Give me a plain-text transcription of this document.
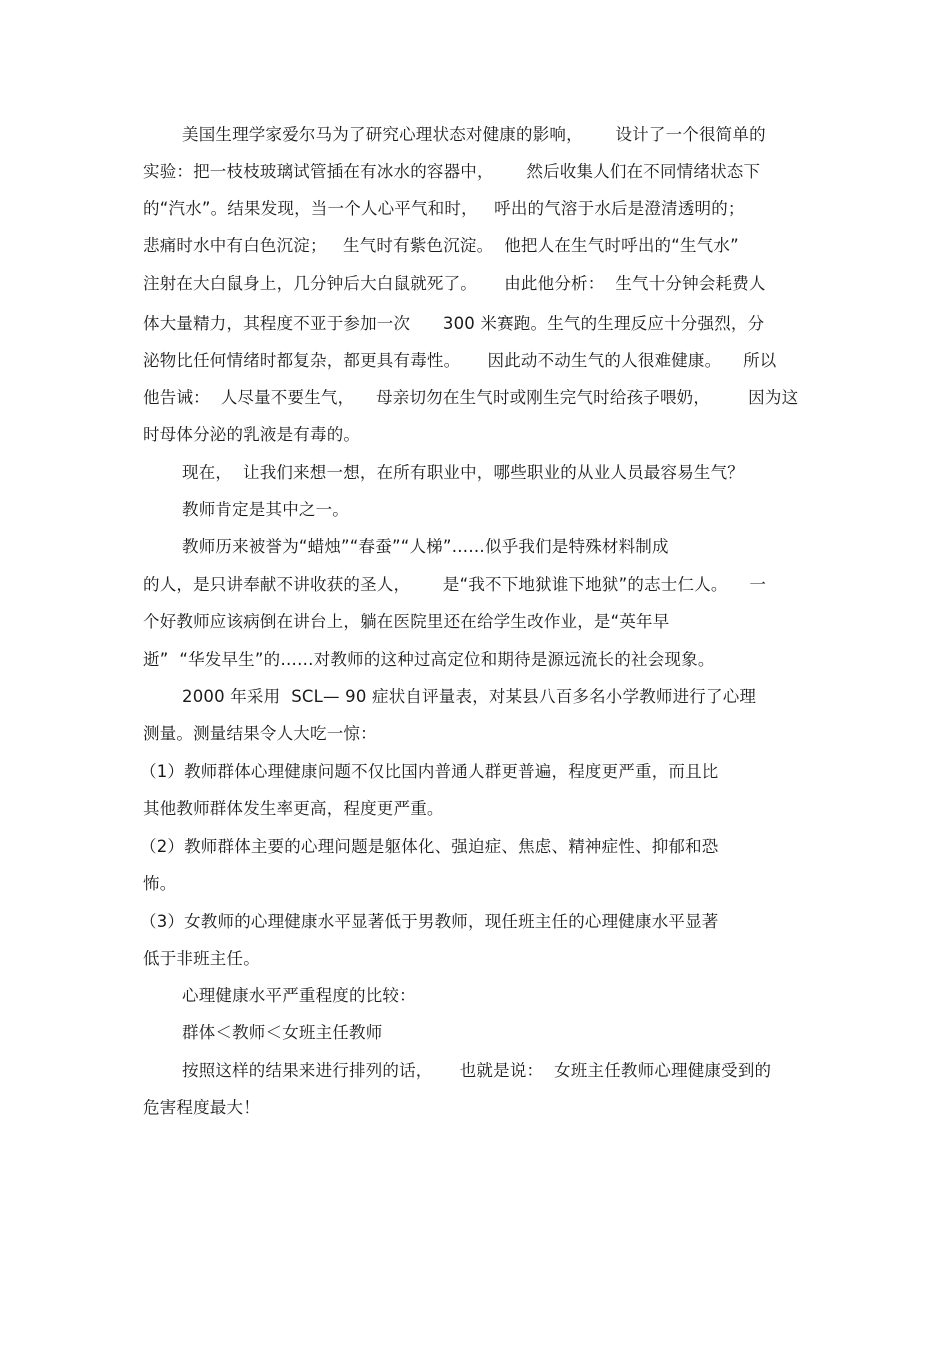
美国生理学家爱尔马为了研究心理状态对健康的影响，      设计了一个很简单的
实验：把一枝枝玻璃试管插在有冰水的容器中，      然后收集人们在不同情绪状态下
的“汽水”。结果发现，当一个人心平气和时，   呼出的气溶于水后是澄清透明的；
悲痛时水中有白色沉淀；   生气时有紫色沉淀。  他把人在生气时呼出的“生气水”
注射在大白鼠身上，几分钟后大白鼠就死了。     由此他分析：  生气十分钟会耗费人
体大量精力，其程度不亚于参加一次      300 米赛跑。生气的生理反应十分强烈，分
泌物比任何情绪时都复杂，都更具有毒性。     因此动不动生气的人很难健康。    所以
他告诫：  人尽量不要生气，    母亲切勿在生气时或刚生完气时给孩子喂奶，       因为这
时母体分泌的乳液是有毒的。
现在，  让我们来想一想，在所有职业中，哪些职业的从业人员最容易生气？
教师肯定是其中之一。
教师历来被誉为“蜡烛”“春蚕”“人梯”……似乎我们是特殊材料制成
的人，是只讲奉献不讲收获的圣人，      是“我不下地狱谁下地狱”的志士仁人。    一
个好教师应该病倒在讲台上，躺在医院里还在给学生改作业，是“英年早
逝”  “华发早生”的……对教师的这种过高定位和期待是源远流长的社会现象。
2000 年采用  SCL— 90 症状自评量表，对某县八百多名小学教师进行了心理
测量。测量结果令人大吃一惊：
（1）教师群体心理健康问题不仅比国内普通人群更普遍，程度更严重，而且比
其他教师群体发生率更高，程度更严重。
（2）教师群体主要的心理问题是躯体化、强迫症、焦虑、精神症性、抑郁和恐
怖。
（3）女教师的心理健康水平显著低于男教师，现任班主任的心理健康水平显著
低于非班主任。
心理健康水平严重程度的比较：
群体＜教师＜女班主任教师
按照这样的结果来进行排列的话，     也就是说：  女班主任教师心理健康受到的
危害程度最大！
